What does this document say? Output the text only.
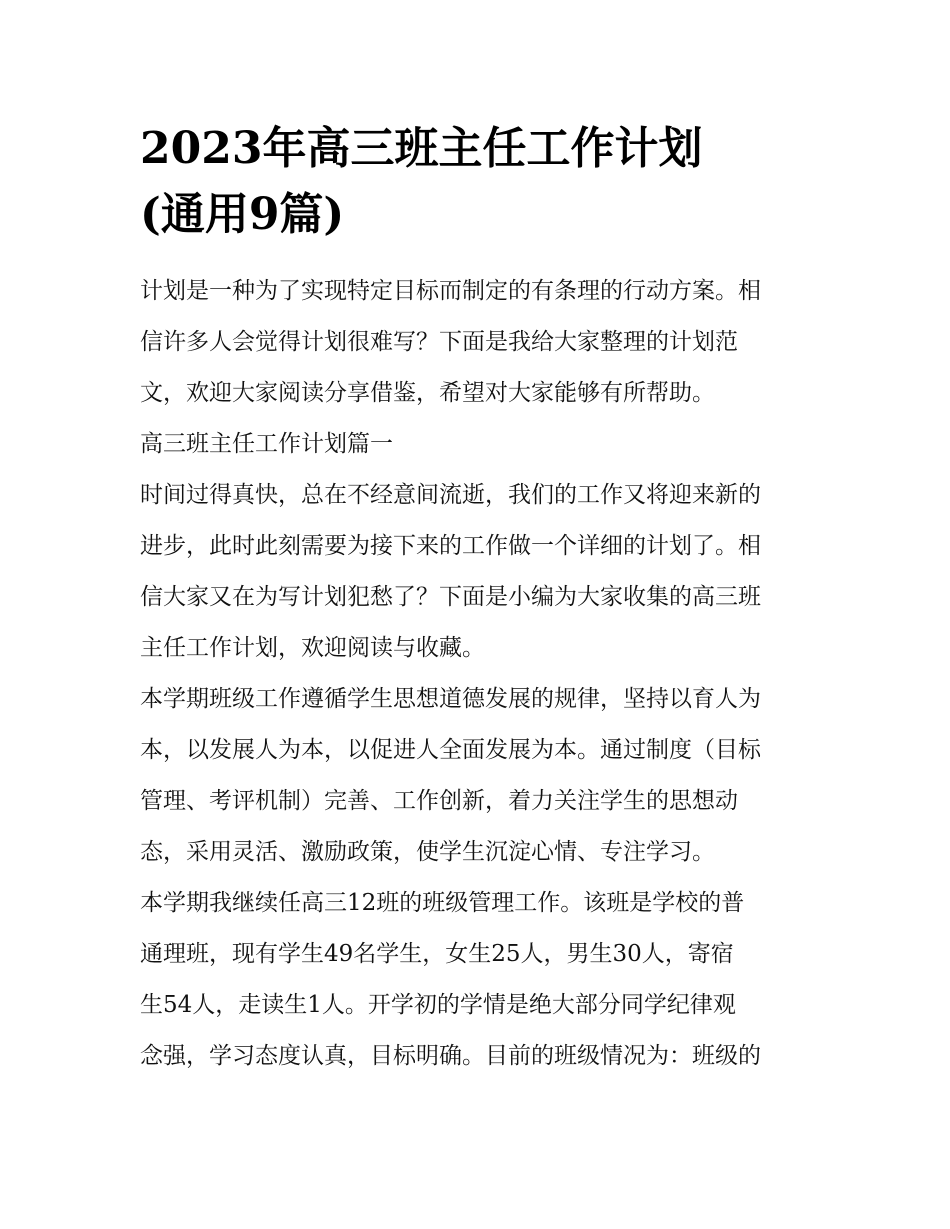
2023年高三班主任工作计划
(通用9篇)

计划是一种为了实现特定目标而制定的有条理的行动方案。相
信许多人会觉得计划很难写？下面是我给大家整理的计划范
文，欢迎大家阅读分享借鉴，希望对大家能够有所帮助。

高三班主任工作计划篇一

时间过得真快，总在不经意间流逝，我们的工作又将迎来新的
进步，此时此刻需要为接下来的工作做一个详细的计划了。相
信大家又在为写计划犯愁了？下面是小编为大家收集的高三班
主任工作计划，欢迎阅读与收藏。

本学期班级工作遵循学生思想道德发展的规律，坚持以育人为
本，以发展人为本，以促进人全面发展为本。通过制度（目标
管理、考评机制）完善、工作创新，着力关注学生的思想动
态，采用灵活、激励政策，使学生沉淀心情、专注学习。

本学期我继续任高三12班的班级管理工作。该班是学校的普
通理班，现有学生49名学生，女生25人，男生30人，寄宿
生54人，走读生1人。开学初的学情是绝大部分同学纪律观
念强，学习态度认真，目标明确。目前的班级情况为：班级的
